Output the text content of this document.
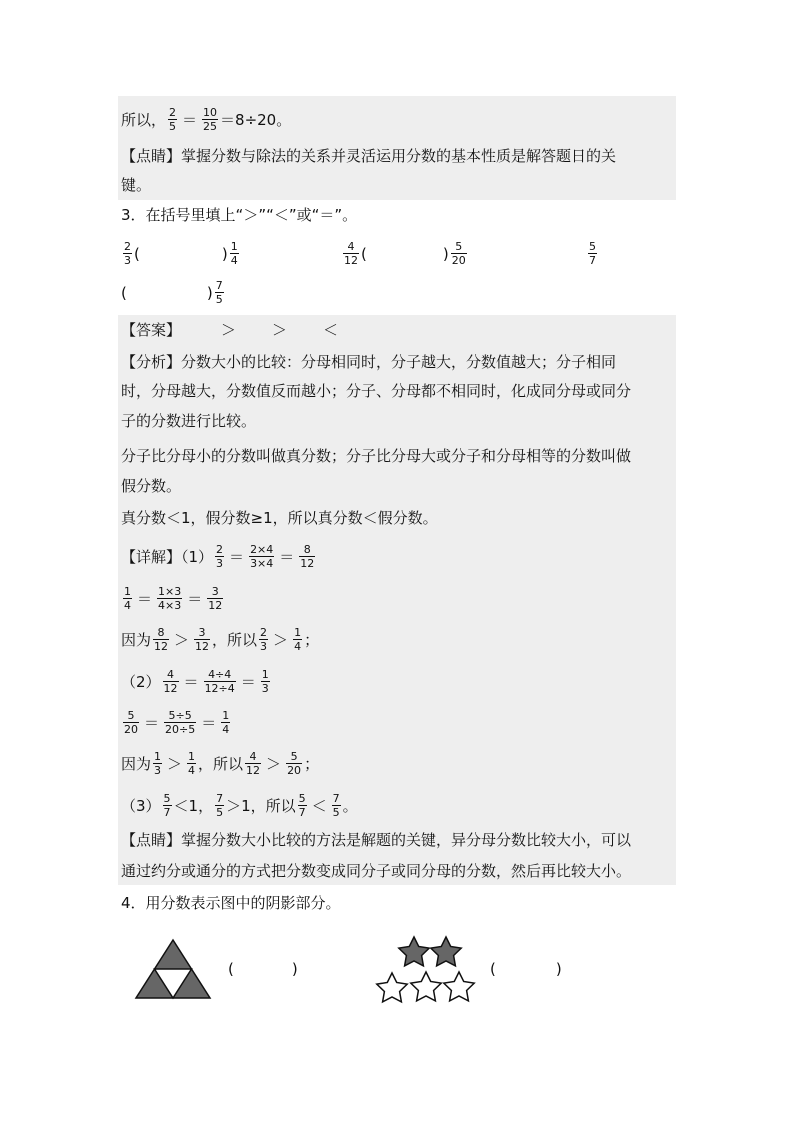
所以， $\frac{2}{5} = \frac{10}{25} =8\div 20$。
【点睛】掌握分数与除法的关系并灵活运用分数的基本性质是解答题日的关
键。
3．在括号里填上“＞”“＜”或“＝”。
$\frac{2}{3}$ (	) $\frac{1}{4}$	$\frac{4}{12}$ (	) $\frac{5}{20}$	$\frac{5}{7}$
(	) $\frac{7}{5}$
【答案】	＞ ＞ ＜
【分析】分数大小的比较：分母相同时，分子越大，分数值越大；分子相同
时，分母越大，分数值反而越小；分子、分母都不相同时，化成同分母或同分
子的分数进行比较。
分子比分母小的分数叫做真分数；分子比分母大或分子和分母相等的分数叫做
假分数。
真分数＜1，假分数≥1，所以真分数＜假分数。
【详解】$(1) \frac{2}{3} = \frac{2\times 4}{3\times 4} = \frac{8}{12}$
$\frac{1}{4} = \frac{1\times 3}{4\times 3} = \frac{3}{12}$
因为 $\frac{8}{12} > \frac{3}{12}$ ，所以 $\frac{2}{3} > \frac{1}{4}$ ；
$(2) \frac{4}{12} = \frac{4\div 4}{12\div 4} = \frac{1}{3}$
$\frac{5}{20} = \frac{5\div 5}{20\div 5} = \frac{1}{4}$
因为 $\frac{1}{3} > \frac{1}{4}$ ，所以 $\frac{4}{12} > \frac{5}{20}$ ；
$(3) \frac{5}{7} <1$， $\frac{7}{5} >1$，所以 $\frac{5}{7} < \frac{7}{5}$ 。
【点睛】掌握分数大小比较的方法是解题的关键，异分母分数比较大小，可以
通过约分或通分的方式把分数变成同分子或同分母的分数，然后再比较大小。
4．用分数表示图中的阴影部分。
(	)	(	)
